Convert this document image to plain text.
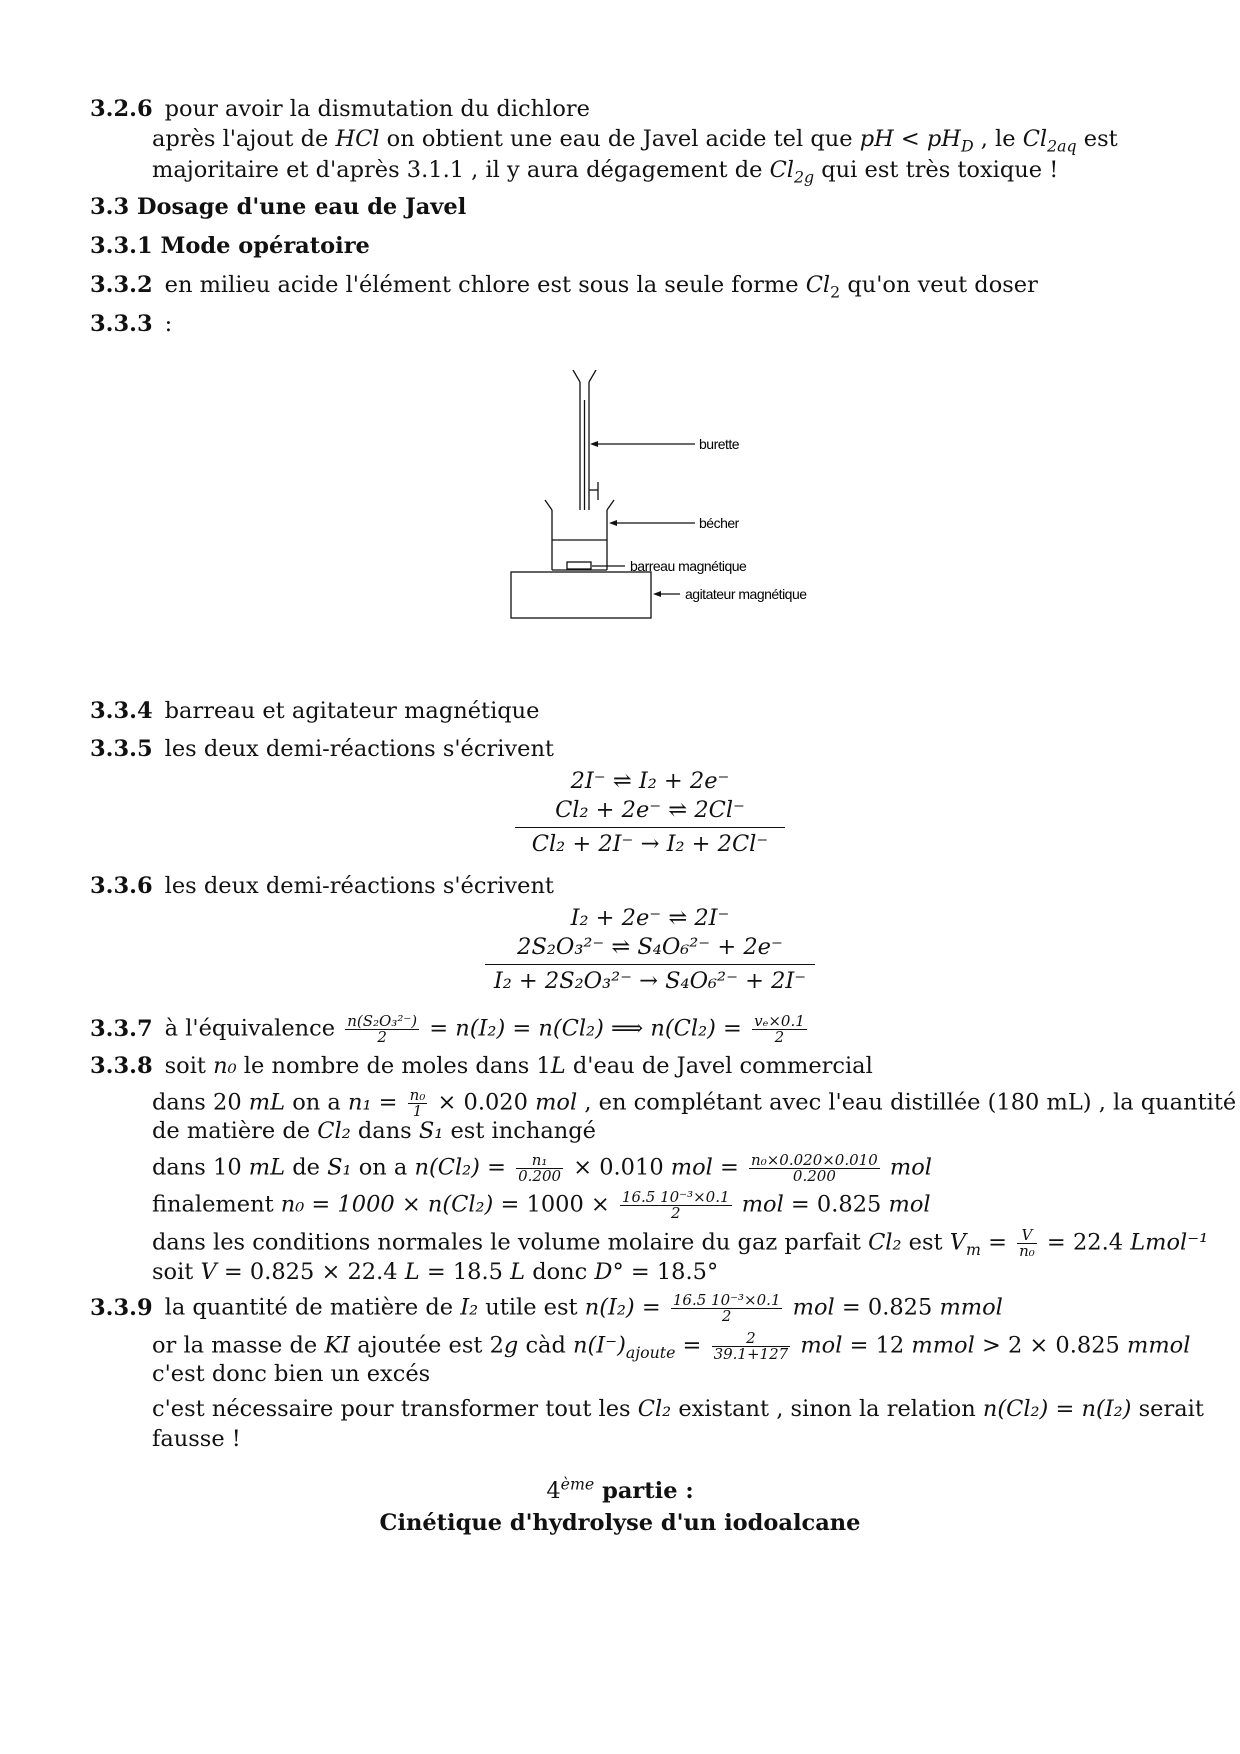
3.2.6 pour avoir la dismutation du dichlore
après l'ajout de HCl on obtient une eau de Javel acide tel que pH < $pH_D$ , le $Cl_{2aq}$ est
majoritaire et d'après 3.1.1 , il y aura dégagement de $Cl_{2g}$ qui est très toxique !
3.3 Dosage d'une eau de Javel
3.3.1 Mode opératoire
3.3.2 en milieu acide l'élément chlore est sous la seule forme $Cl_2$ qu'on veut doser
3.3.3 :
burette
bécher
barreau magnétique
agitateur magnétique
3.3.4 barreau et agitateur magnétique
3.3.5 les deux demi-réactions s'écrivent
2I⁻ ⇌ I₂ + 2e⁻
Cl₂ + 2e⁻ ⇌ 2Cl⁻
Cl₂ + 2I⁻ → I₂ + 2Cl⁻
3.3.6 les deux demi-réactions s'écrivent
I₂ + 2e⁻ ⇌ 2I⁻
2S₂O₃²⁻ ⇌ S₄O₆²⁻ + 2e⁻
I₂ + 2S₂O₃²⁻ → S₄O₆²⁻ + 2I⁻
3.3.7 à l'équivalence $\frac{\text{n(S₂O₃²⁻)}}{2} = n(I_2) = n(Cl_2)$ ⟹ $n(Cl_2) = \frac{\text{vₑ×0.1}}{2}$
3.3.8 soit n₀ le nombre de moles dans 1L d'eau de Javel commercial
dans 20 mL on a $n_1 = \frac{\text{n₀}}{1} \times 0.020$ mol , en complétant avec l'eau distillée (180 mL) , la quantité
de matière de Cl₂ dans S₁ est inchangé
dans 10 mL de S₁ on a $n(Cl_2) = \frac{\text{n₁}}{0.200} \times 0.010$ mol = $\frac{\text{n₀×0.020×0.010}}{0.200}$ mol
finalement $n_0 = 1000 \times n(Cl_2) = 1000 \times \frac{\text{16.5 10⁻³×0.1}}{2}$ mol = 0.825 mol
dans les conditions normales le volume molaire du gaz parfait Cl₂ est $V_m = \frac{V}{\text{n₀}} = 22.4$ Lmol⁻¹
soit V = 0.825 × 22.4 L = 18.5 L donc D° = 18.5°
3.3.9 la quantité de matière de I₂ utile est $n(I_2) = \frac{\text{16.5 10⁻³×0.1}}{2}$ mol = 0.825 mmol
or la masse de KI ajoutée est 2g càd $n(I^-)_{ajoute} = \frac{2}{39.1+127}$ mol = 12 mmol > 2 × 0.825 mmol
c'est donc bien un excés
c'est nécessaire pour transformer tout les Cl₂ existant , sinon la relation n(Cl₂) = n(I₂) serait
fausse !
4ème partie :
Cinétique d'hydrolyse d'un iodoalcane
